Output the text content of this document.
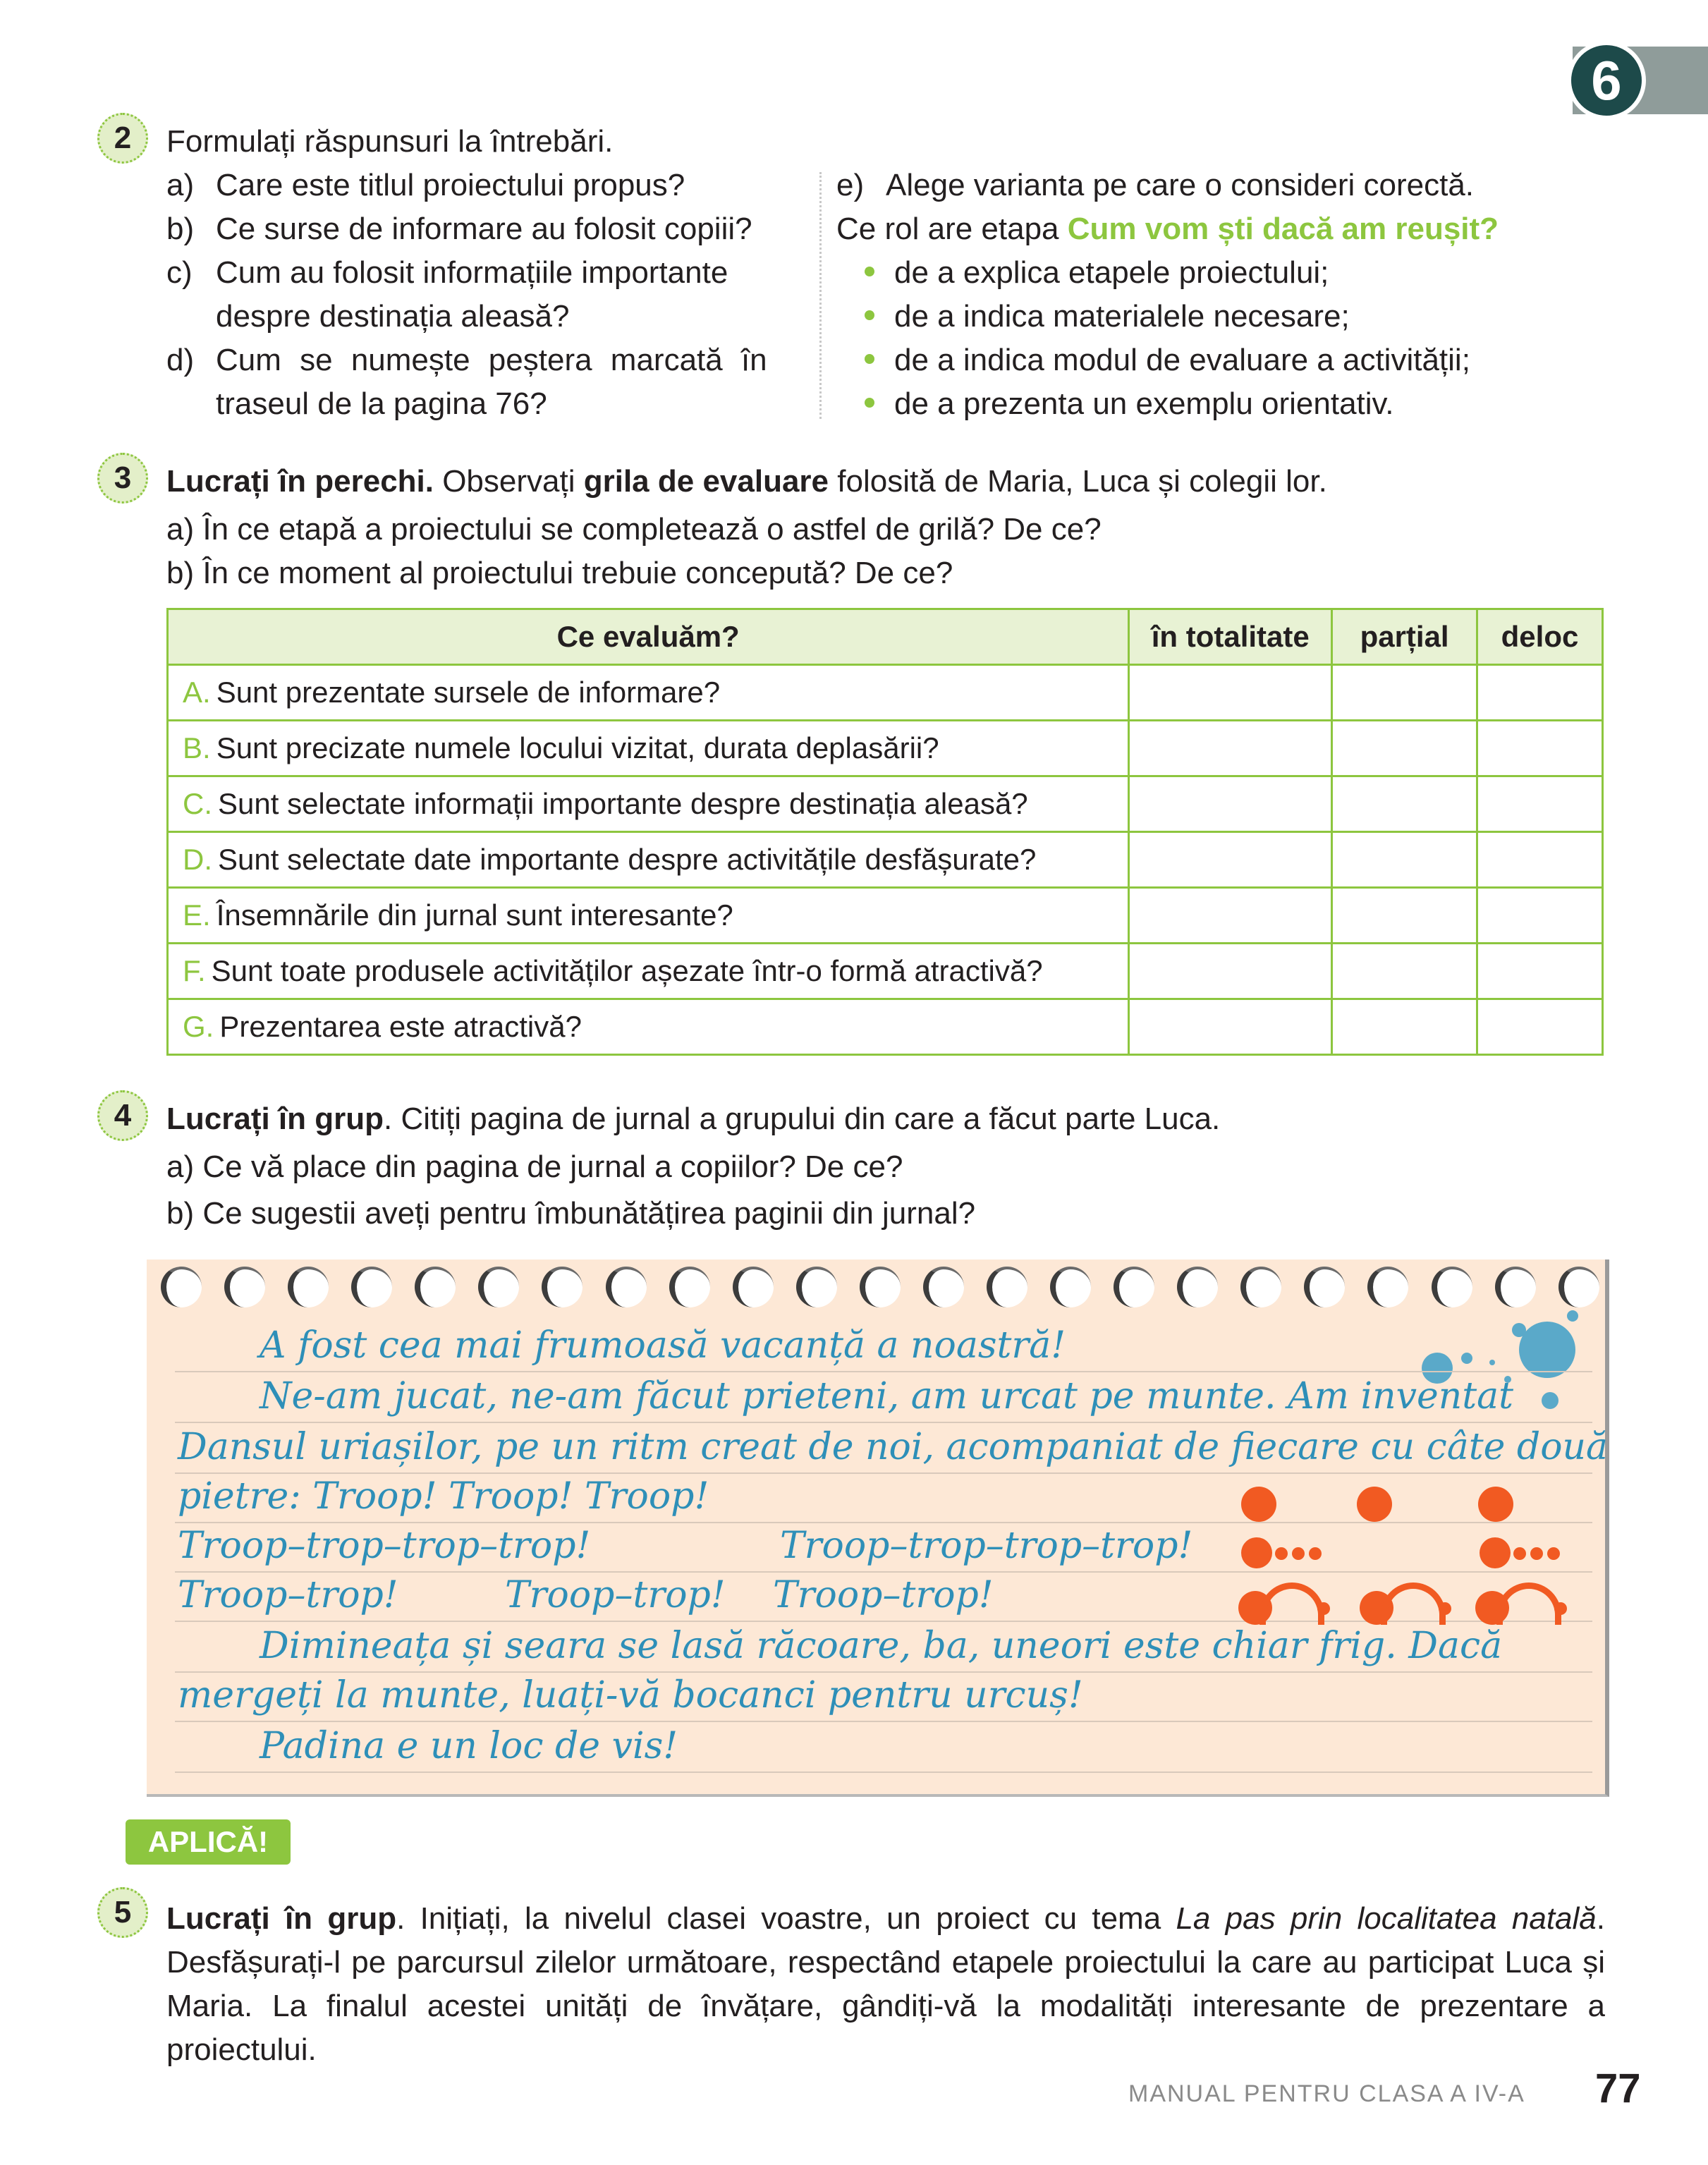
6
2	Formulați răspunsuri la întrebări.
a) Care este titlul proiectului propus?
b) Ce surse de informare au folosit copiii?
c) Cum au folosit informațiile importante
despre destinația aleasă?
d) Cum se numește peștera marcată în
traseul de la pagina 76?
e) Alege varianta pe care o consideri corectă.
Ce rol are etapa Cum vom ști dacă am reușit?
de a explica etapele proiectului;
de a indica materialele necesare;
de a indica modul de evaluare a activității;
de a prezenta un exemplu orientativ.
3	Lucrați în perechi. Observați grila de evaluare folosită de Maria, Luca și colegii lor.
a) În ce etapă a proiectului se completează o astfel de grilă? De ce?
b) În ce moment al proiectului trebuie concepută? De ce?
Ce evaluăm?	în totalitate	parțial	deloc
A. Sunt prezentate sursele de informare?			
B. Sunt precizate numele locului vizitat, durata deplasării?			
C. Sunt selectate informații importante despre destinația aleasă?			
D. Sunt selectate date importante despre activitățile desfășurate?			
E. Însemnările din jurnal sunt interesante?			
F. Sunt toate produsele activităților așezate într-o formă atractivă?			
G. Prezentarea este atractivă?			
4	Lucrați în grup. Citiți pagina de jurnal a grupului din care a făcut parte Luca.
a) Ce vă place din pagina de jurnal a copiilor? De ce?
b) Ce sugestii aveți pentru îmbunătățirea paginii din jurnal?
A fost cea mai frumoasă vacanță a noastră!
Ne-am jucat, ne-am făcut prieteni, am urcat pe munte. Am inventat
Dansul uriașilor, pe un ritm creat de noi, acompaniat de fiecare cu câte două
pietre: Troop! Troop! Troop!
Troop–trop–trop–trop!	Troop–trop–trop–trop!
Troop–trop!	Troop–trop! Troop–trop!
Dimineața și seara se lasă răcoare, ba, uneori este chiar frig. Dacă
mergeți la munte, luați-vă bocanci pentru urcuș!
Padina e un loc de vis!
APLICĂ!
5	Lucrați în grup. Inițiați, la nivelul clasei voastre, un proiect cu tema La pas prin localitatea natală. Desfășurați-l pe parcursul zilelor următoare, respectând etapele proiectului la care au participat Luca și Maria. La finalul acestei unități de învățare, gândiți-vă la modalități interesante de prezentare a proiectului.
MANUAL PENTRU CLASA A IV-A 77
